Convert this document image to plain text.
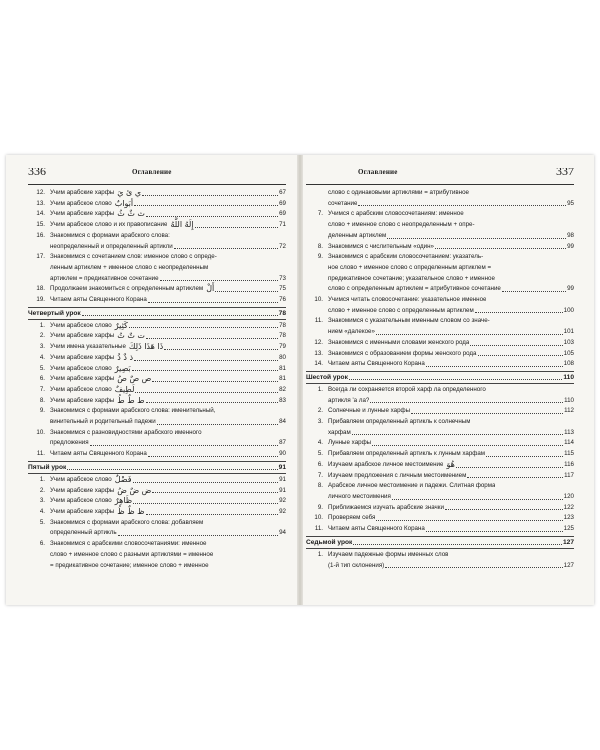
336	Оглавление
12. Учим арабские харфы ي ئ يَ	67
13. Учим арабское слово أبَوابٌ	69
14. Учим арабские харфы ث ثٌ ثُ	69
15. Учим арабское слово и их правописание إِلَهُ اللَّهُ	71
16. Знакомимся с формами арабского слова:
неопределенный и определенный артикли	72
17. Знакомимся с сочетанием слов: именное слово с опреде-
ленным артиклем + именное слово с неопределенным
артиклем = предикативное сочетание	73
18. Продолжаем знакомиться с определенным артиклем أَلْ	75
19. Читаем аяты Священного Корана	76
Четвертый урок	78
1. Учим арабское слово كَثِيرٌ	78
2. Учим арабские харфы ت تٌ تُ	78
3. Учим имена указательные ذَا هَذَا ذَلِكَ	79
4. Учим арабские харфы ذ ذٌ ذُ	80
5. Учим арабское слово بَصِيرٌ	81
6. Учим арабские харфы ص صٌ صُ	81
7. Учим арабское слово لَطِيفٌ	82
8. Учим арабские харфы ط طٌ طُ	83
9. Знакомимся с формами арабского слова: именительный,
винительный и родительный падежи	84
10. Знакомимся с разновидностями арабского именного
предложения	87
11. Читаем аяты Священного Корана	90
Пятый урок	91
1. Учим арабское слово فَضْلٌ	91
2. Учим арабские харфы ض ضٌ ضُ	91
3. Учим арабское слово ظَاهِرٌ	92
4. Учим арабские харфы ظ ظٌ ظُ	92
5. Знакомимся с формами арабского слова: добавляем
определенный артикль	94
6. Знакомимся с арабскими словосочетаниями: именное
слово + именное слово с разными артиклями = именное
= предикативное сочетание; именное слово + именное
Оглавление	337
слово с одинаковыми артиклями = атрибутивное
сочетание	95
7. Учимся с арабским словосочетаниям: именное
слово + именное слово с неопределенным + опре-
деленным артиклем	98
8. Знакомимся с числительным «один»	99
9. Знакомимся с арабским словосочетанием: указатель-
ное слово + именное слово с определенным артиклем =
предикативное сочетание; указательное слово + именное
слово с определенным артиклем = атрибутивное сочетание	99
10. Учимся читать словосочетание: указательное именное
слово + именное слово с определенным артиклем	100
11. Знакомимся с указательным именным словом со значе-
нием «далекое»	101
12. Знакомимся с именными словами женского рода	103
13. Знакомимся с образованием формы женского рода	105
14. Читаем аяты Священного Корана	108
Шестой урок	110
1. Всегда ли сохраняется второй харф ла определенного
артикля 'а ла?	110
2. Солнечные и лунные харфы	112
3. Прибавляем определенный артикль к солнечным
харфам	113
4. Лунные харфы	114
5. Прибавляем определенный артикль к лунным харфам	115
6. Изучаем арабское личное местоимение هُوَ	116
7. Изучаем предложения с личным местоимением	117
8. Арабское личное местоимение и падежи. Слитная форма
личного местоимения	120
9. Приближаемся изучать арабские значки	122
10. Проверяем себя	123
11. Читаем аяты Священного Корана	125
Седьмой урок	127
1. Изучаем падежные формы именных слов
(1-й тип склонения)	127
